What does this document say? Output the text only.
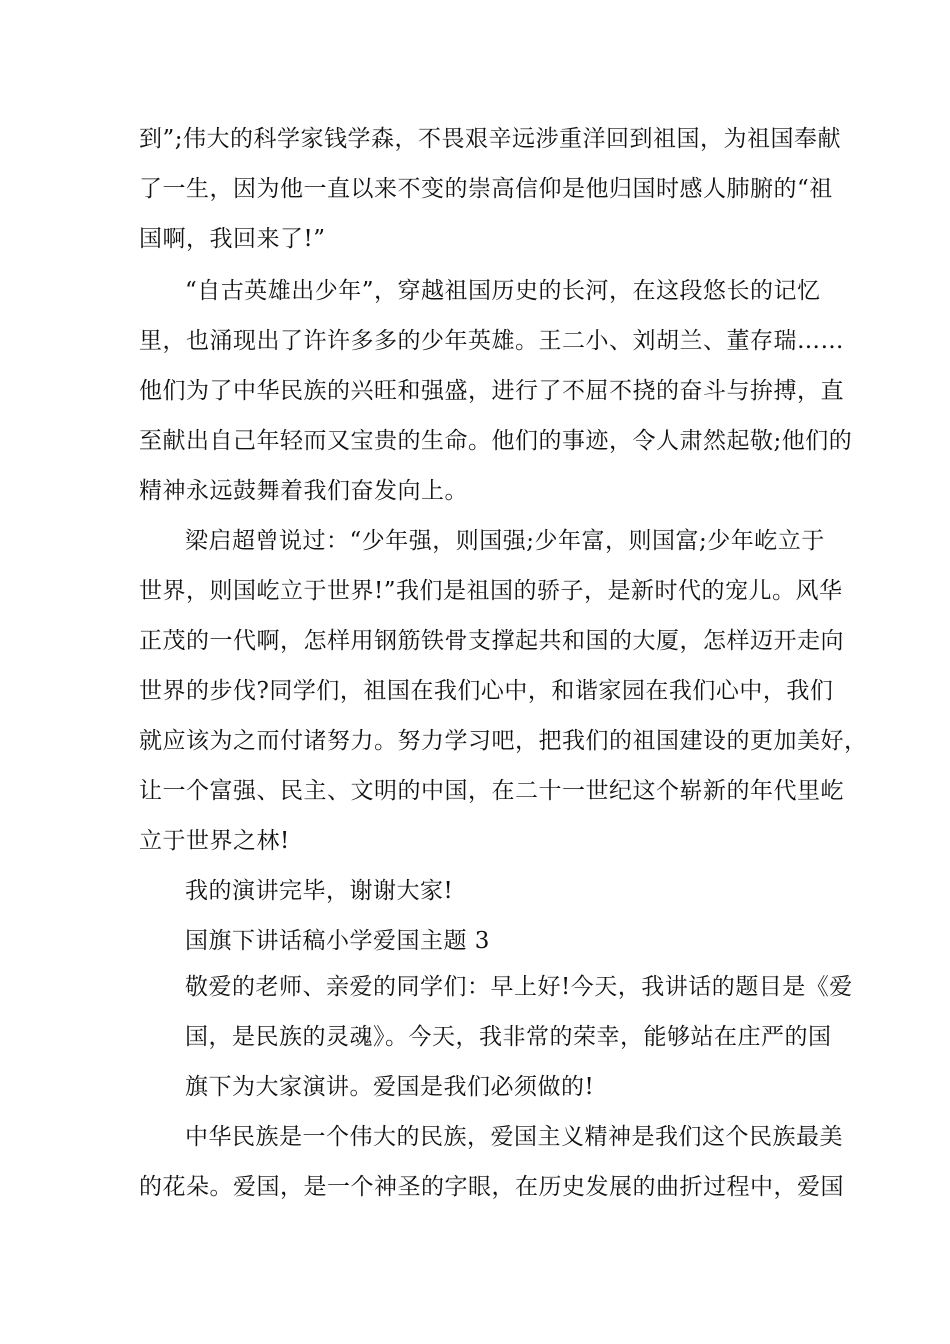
到”;伟大的科学家钱学森，不畏艰辛远涉重洋回到祖国，为祖国奉献
了一生，因为他一直以来不变的崇高信仰是他归国时感人肺腑的“祖
国啊，我回来了!”
“自古英雄出少年”，穿越祖国历史的长河，在这段悠长的记忆
里，也涌现出了许许多多的少年英雄。王二小、刘胡兰、董存瑞……
他们为了中华民族的兴旺和强盛，进行了不屈不挠的奋斗与拚搏，直
至献出自己年轻而又宝贵的生命。他们的事迹，令人肃然起敬;他们的
精神永远鼓舞着我们奋发向上。
梁启超曾说过：“少年强，则国强;少年富，则国富;少年屹立于
世界，则国屹立于世界!”我们是祖国的骄子，是新时代的宠儿。风华
正茂的一代啊，怎样用钢筋铁骨支撑起共和国的大厦，怎样迈开走向
世界的步伐?同学们，祖国在我们心中，和谐家园在我们心中，我们
就应该为之而付诸努力。努力学习吧，把我们的祖国建设的更加美好，
让一个富强、民主、文明的中国，在二十一世纪这个崭新的年代里屹
立于世界之林!
我的演讲完毕，谢谢大家!
国旗下讲话稿小学爱国主题 3
敬爱的老师、亲爱的同学们：早上好!今天，我讲话的题目是《爱
国，是民族的灵魂》。今天，我非常的荣幸，能够站在庄严的国
旗下为大家演讲。爱国是我们必须做的!
中华民族是一个伟大的民族，爱国主义精神是我们这个民族最美
的花朵。爱国，是一个神圣的字眼，在历史发展的曲折过程中，爱国
